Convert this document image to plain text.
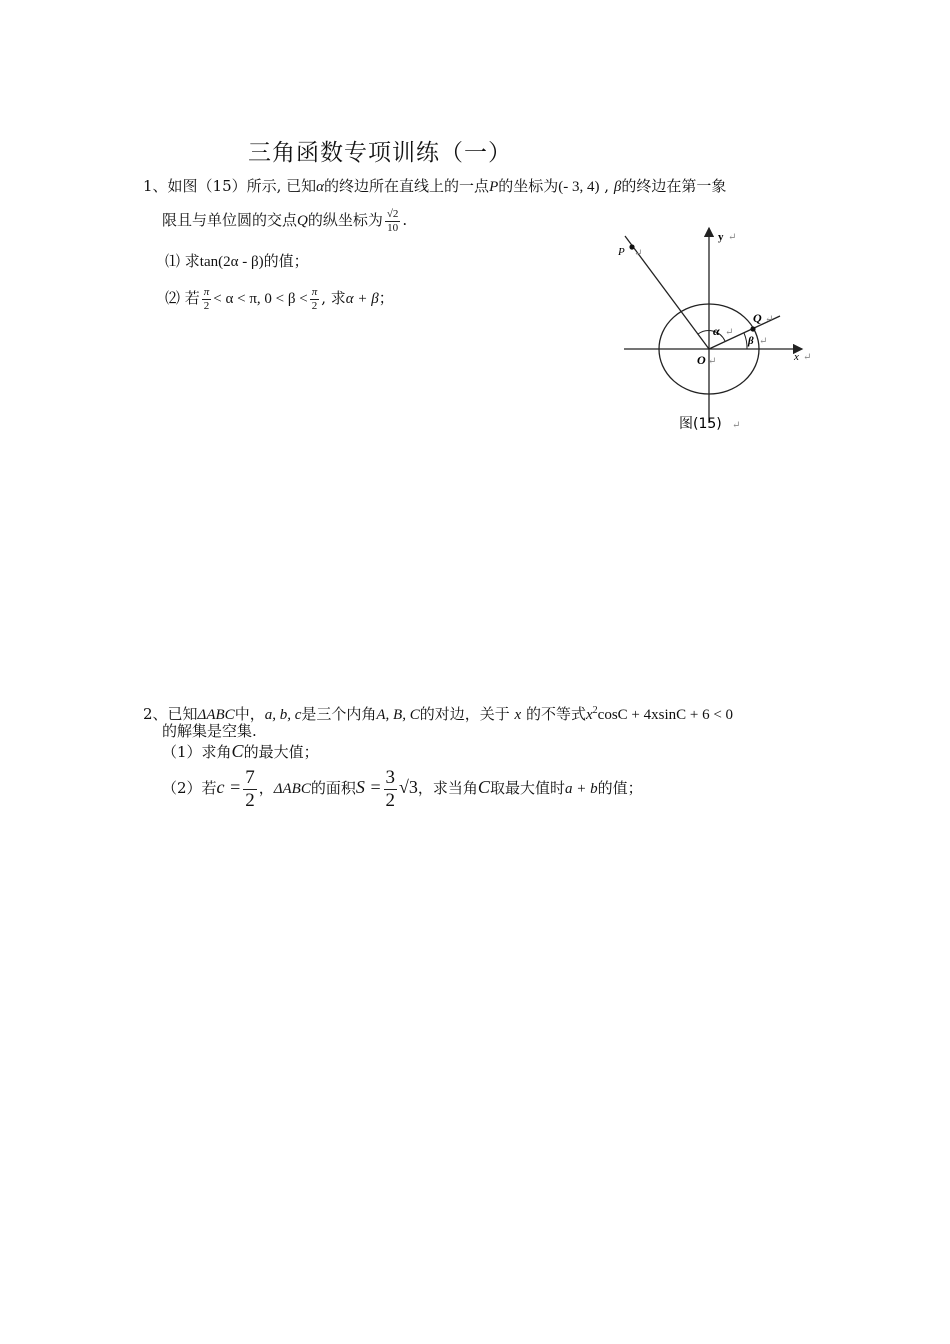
三角函数专项训练（一）
1、如图（15）所示, 已知α的终边所在直线上的一点P的坐标为(- 3, 4) , β的终边在第一象
限且与单位圆的交点Q的纵坐标为 $\frac{√2}{10}$ .
⑴ 求tan(2α - β)的值；
⑵ 若 $\frac{\pi}{2} < \alpha < \pi$, $0 < \beta < \frac{\pi}{2}$ , 求α + β；
P ↵
y ↵
Q ↵
α ↵
β ↵
O ↵	x ↵
图(15) ↵
2、已知ΔABC中，a, b, c是三个内角A, B, C的对边，关于 x 的不等式$x^2\cos C + 4xsinC + 6 < 0$
的解集是空集.
（1）求角C的最大值；
（2）若$c = \frac{7}{2}$ ，ΔABC的面积$S = \frac{3}{2} √3$，求当角C取最大值时a + b的值；
